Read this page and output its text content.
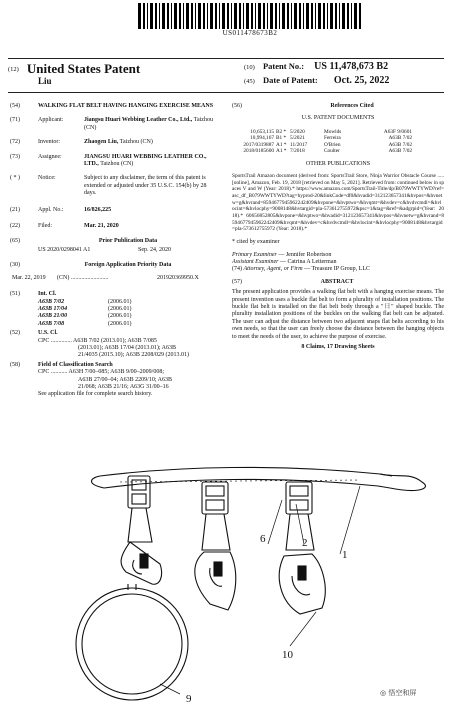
US011478673B2
(12) United States Patent
Liu
(10) Patent No.: US 11,478,673 B2
(45) Date of Patent: Oct. 25, 2022
(54)	WALKING FLAT BELT HAVING HANGING EXERCISE MEANS
(71)	Applicant:	Jiangsu Huari Webbing Leather Co., Ltd., Taizhou (CN)
(72)	Inventor:	Zhaogen Liu, Taizhou (CN)
(73)	Assignee:	JIANGSU HUARI WEBBING LEATHER CO., LTD., Taizhou (CN)
( * )	Notice:	Subject to any disclaimer, the term of this patent is extended or adjusted under 35 U.S.C. 154(b) by 28 days.
(21)	Appl. No.:	16/826,225
(22)	Filed:	Mar. 21, 2020
(65)	Prior Publication Data
US 2020/0298041 A1	Sep. 24, 2020
(30)	Foreign Application Priority Data
Mar. 22, 2019	(CN) .........................	201920369950.X
(51)	Int. Cl.
A63B 7/02	(2006.01)
A63B 17/04	(2006.01)
A63B 21/00	(2006.01)
A63B 7/08	(2006.01)
(52)	U.S. Cl.
CPC .............. A63B 7/02 (2013.01); A63B 7/085
(2013.01); A63B 17/04 (2013.01); A63B
21/4035 (2015.10); A63B 2208/029 (2013.01)
(58)	Field of Classification Search
CPC ........... A63H 7/00–085; A63B 9/00–2009/008;
A63B 27/00–04; A63B 2209/10; A63B
21/068; A63B 21/16; A63G 31/00–16
See application file for complete search history.
(56)	References Cited
U.S. PATENT DOCUMENTS
10,653,115 B2 * 5/2020	Mowlds	A63F 9/0601
10,994,167 B1 * 5/2021	Ferreira	A63B 7/02
2017/0319887 A1 * 11/2017	O'Brien	A63B 7/02
2018/0185600 A1 * 7/2018	Coulter	A63B 7/02
OTHER PUBLICATIONS
SportsTrail Amazon document (derived from: SportsTrail Store, Ninja Warrior Obstacle Course ..... [online], Amazon, Feb. 19, 2018 [retrieved on May 5, 2021]. Retrieved from: continued below in spaces V and W (Year: 2018).* https://www.amazon.com/SportsTrail-Title/dp/B079WWTYWD?ref=asc_df_B079WWTYWD?tag=hyprod-20&linkCode=df0&hvadid=312123657341&hvpos=&hvnetw=g&hvrand=8594677945962242409&hvpone=&hvptwo=&hvqmt=&hvdev=c&hvdvcmdl=&hvlocint=&hvlocphy=9008148&hvtargid=pla-573612755972&psc=1&tag=&ref=&adgrpid=(Year: 2018).* 60656852805&hvpone=&hvptwo=&hvadid=312123657341&hvpos=&hvnetw=g&hvrand=8594677945962242409&hvqmt=&hvdev=c&hvdvcmdl=&hvlocint=&hvlocphy=9008148&hvtargid=pla-573612755972 (Year: 2018).*
* cited by examiner
Primary Examiner — Jennifer Robertson
Assistant Examiner — Catrina A Letterman
(74) Attorney, Agent, or Firm — Treasure IP Group, LLC
(57)	ABSTRACT
The present application provides a walking flat belt with a hanging exercise means. The present invention uses a buckle flat belt to form a plurality of installation positions. The buckle flat belt is installed on the flat belt body through a "日" shaped buckle. The plurality installation positions of the buckles on the walking flat belt can be adjusted. The user can adjust the distance between two adjacent snaps flat belts according to his own needs, so that the user can freely choose the distance between the hanging objects to meet the needs of the user, to achieve the purpose of exercise.
8 Claims, 17 Drawing Sheets
6	2
1
10
9	◎ 悟空和屏
